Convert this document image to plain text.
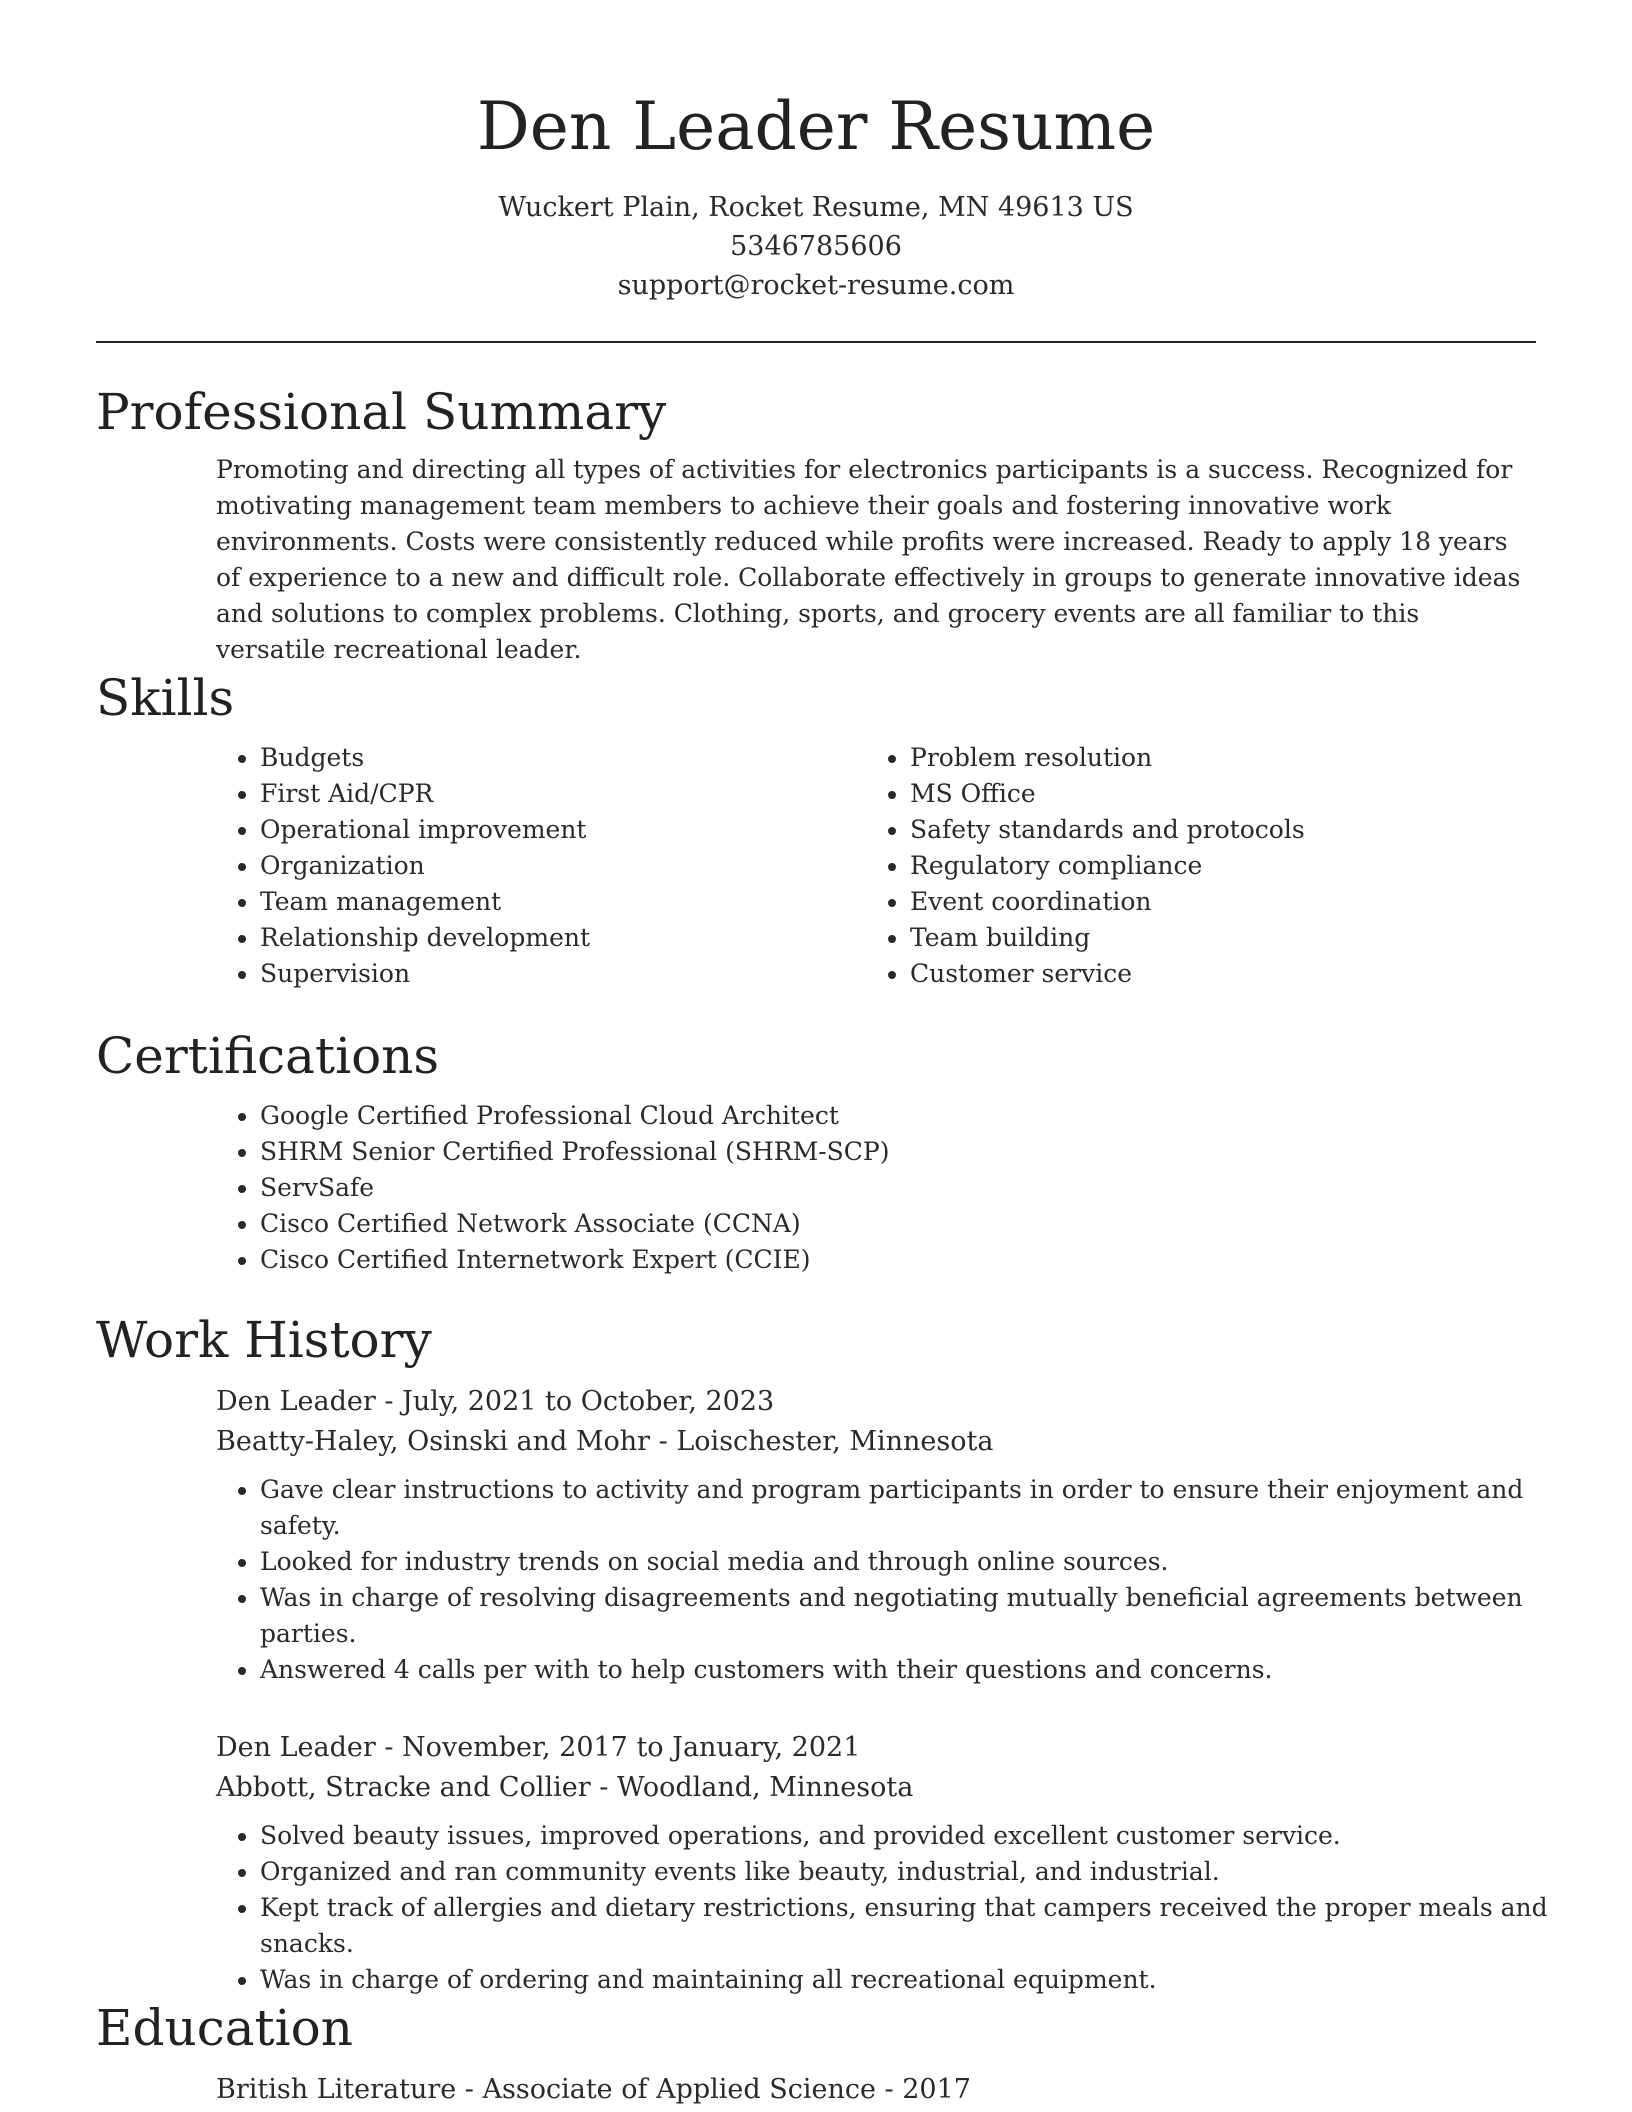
Den Leader Resume
Wuckert Plain, Rocket Resume, MN 49613 US
5346785606
support@rocket-resume.com
Professional Summary
Promoting and directing all types of activities for electronics participants is a success. Recognized for motivating management team members to achieve their goals and fostering innovative work environments. Costs were consistently reduced while profits were increased. Ready to apply 18 years of experience to a new and difficult role. Collaborate effectively in groups to generate innovative ideas and solutions to complex problems. Clothing, sports, and grocery events are all familiar to this versatile recreational leader.
Skills
• Budgets
• First Aid/CPR
• Operational improvement
• Organization
• Team management
• Relationship development
• Supervision
• Problem resolution
• MS Office
• Safety standards and protocols
• Regulatory compliance
• Event coordination
• Team building
• Customer service
Certifications
• Google Certified Professional Cloud Architect
• SHRM Senior Certified Professional (SHRM-SCP)
• ServSafe
• Cisco Certified Network Associate (CCNA)
• Cisco Certified Internetwork Expert (CCIE)
Work History
Den Leader - July, 2021 to October, 2023
Beatty-Haley, Osinski and Mohr - Loischester, Minnesota
• Gave clear instructions to activity and program participants in order to ensure their enjoyment and safety.
• Looked for industry trends on social media and through online sources.
• Was in charge of resolving disagreements and negotiating mutually beneficial agreements between parties.
• Answered 4 calls per with to help customers with their questions and concerns.
Den Leader - November, 2017 to January, 2021
Abbott, Stracke and Collier - Woodland, Minnesota
• Solved beauty issues, improved operations, and provided excellent customer service.
• Organized and ran community events like beauty, industrial, and industrial.
• Kept track of allergies and dietary restrictions, ensuring that campers received the proper meals and snacks.
• Was in charge of ordering and maintaining all recreational equipment.
Education
British Literature - Associate of Applied Science - 2017
